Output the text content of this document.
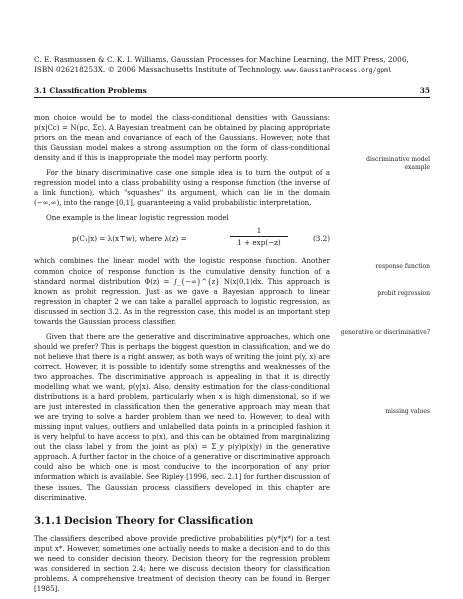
C. E. Rasmussen & C. K. I. Williams, Gaussian Processes for Machine Learning, the MIT Press, 2006,
ISBN 026218253X. © 2006 Massachusetts Institute of Technology. www.GaussianProcess.org/gpml
3.1 Classification Problems	35

mon choice would be to model the class-conditional densities with Gaussians: p(x|Cc) = N(μc, Σc). A Bayesian treatment can be obtained by placing appropriate priors on the mean and covariance of each of the Gaussians. However, note that this Gaussian model makes a strong assumption on the form of class-conditional density and if this is inappropriate the model may perform poorly.

For the binary discriminative case one simple idea is to turn the output of a regression model into a class probability using a response function (the inverse of a link function), which "squashes" its argument, which can lie in the domain (−∞,∞), into the range [0,1], guaranteeing a valid probabilistic interpretation.

One example is the linear logistic regression model

p(C₁|x) = λ(x⊤w), where λ(z) =	$\frac{1}{1 + \exp(-z)}$	(3.2)

which combines the linear model with the logistic response function. Another common choice of response function is the cumulative density function of a standard normal distribution Φ(z) = ∫_{−∞}^{z} N(x|0,1)dx. This approach is known as probit regression. Just as we gave a Bayesian approach to linear regression in chapter 2 we can take a parallel approach to logistic regression, as discussed in section 3.2. As in the regression case, this model is an important step towards the Gaussian process classifier.

Given that there are the generative and discriminative approaches, which one should we prefer? This is perhaps the biggest question in classification, and we do not believe that there is a right answer, as both ways of writing the joint p(y, x) are correct. However, it is possible to identify some strengths and weaknesses of the two approaches. The discriminative approach is appealing in that it is directly modelling what we want, p(y|x). Also, density estimation for the class-conditional distributions is a hard problem, particularly when x is high dimensional, so if we are just interested in classification then the generative approach may mean that we are trying to solve a harder problem than we need to. However, to deal with missing input values, outliers and unlabelled data points in a principled fashion it is very helpful to have access to p(x), and this can be obtained from marginalizing out the class label y from the joint as p(x) = Σ_y p(y)p(x|y) in the generative approach. A further factor in the choice of a generative or discriminative approach could also be which one is most conducive to the incorporation of any prior information which is available. See Ripley [1996, sec. 2.1] for further discussion of these issues. The Gaussian process classifiers developed in this chapter are discriminative.

3.1.1 Decision Theory for Classification

The classifiers described above provide predictive probabilities p(y*|x*) for a test input x*. However, sometimes one actually needs to make a decision and to do this we need to consider decision theory. Decision theory for the regression problem was considered in section 2.4; here we discuss decision theory for classification problems. A comprehensive treatment of decision theory can be found in Berger [1985].

discriminative model example
response function
probit regression
generative or discriminative?
missing values
